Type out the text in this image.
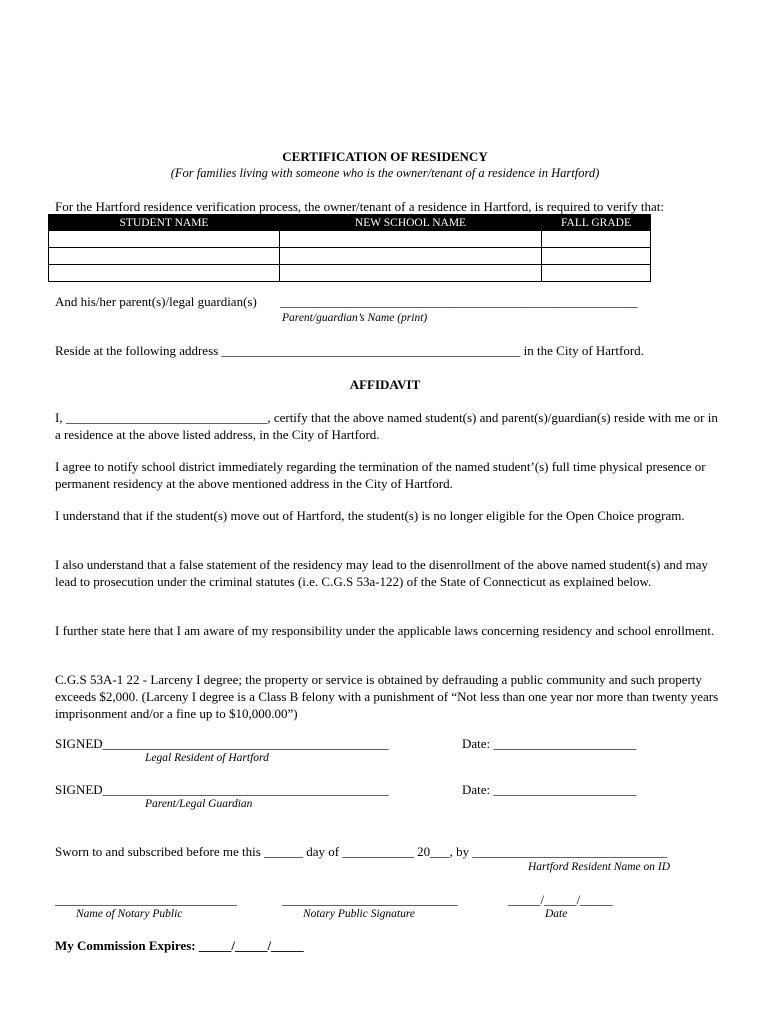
CERTIFICATION OF RESIDENCY
(For families living with someone who is the owner/tenant of a residence in Hartford)
For the Hartford residence verification process, the owner/tenant of a residence in Hartford, is required to verify that:
STUDENT NAME	NEW SCHOOL NAME	FALL GRADE

And his/her parent(s)/legal guardian(s) _______________________________________________________
Parent/guardian’s Name (print)
Reside at the following address ______________________________________________ in the City of Hartford.
AFFIDAVIT

I, _______________________________, certify that the above named student(s) and parent(s)/guardian(s) reside with me or in a residence at the above listed address, in the City of Hartford.

I agree to notify school district immediately regarding the termination of the named student’(s) full time physical presence or permanent residency at the above mentioned address in the City of Hartford.

I understand that if the student(s) move out of Hartford, the student(s) is no longer eligible for the Open Choice program.

I also understand that a false statement of the residency may lead to the disenrollment of the above named student(s) and may lead to prosecution under the criminal statutes (i.e. C.G.S 53a-122) of the State of Connecticut as explained below.

I further state here that I am aware of my responsibility under the applicable laws concerning residency and school enrollment.

C.G.S 53A-1 22 - Larceny I degree; the property or service is obtained by defrauding a public community and such property exceeds $2,000. (Larceny I degree is a Class B felony with a punishment of “Not less than one year nor more than twenty years imprisonment and/or a fine up to $10,000.00”)

SIGNED____________________________________________	Date: ______________________
Legal Resident of Hartford
SIGNED____________________________________________	Date: ______________________
Parent/Legal Guardian
Sworn to and subscribed before me this ______ day of ___________ 20___, by ______________________________
Hartford Resident Name on ID
____________________________	___________________________	_____/_____/_____
Name of Notary Public	Notary Public Signature	Date
My Commission Expires: _____/_____/_____
